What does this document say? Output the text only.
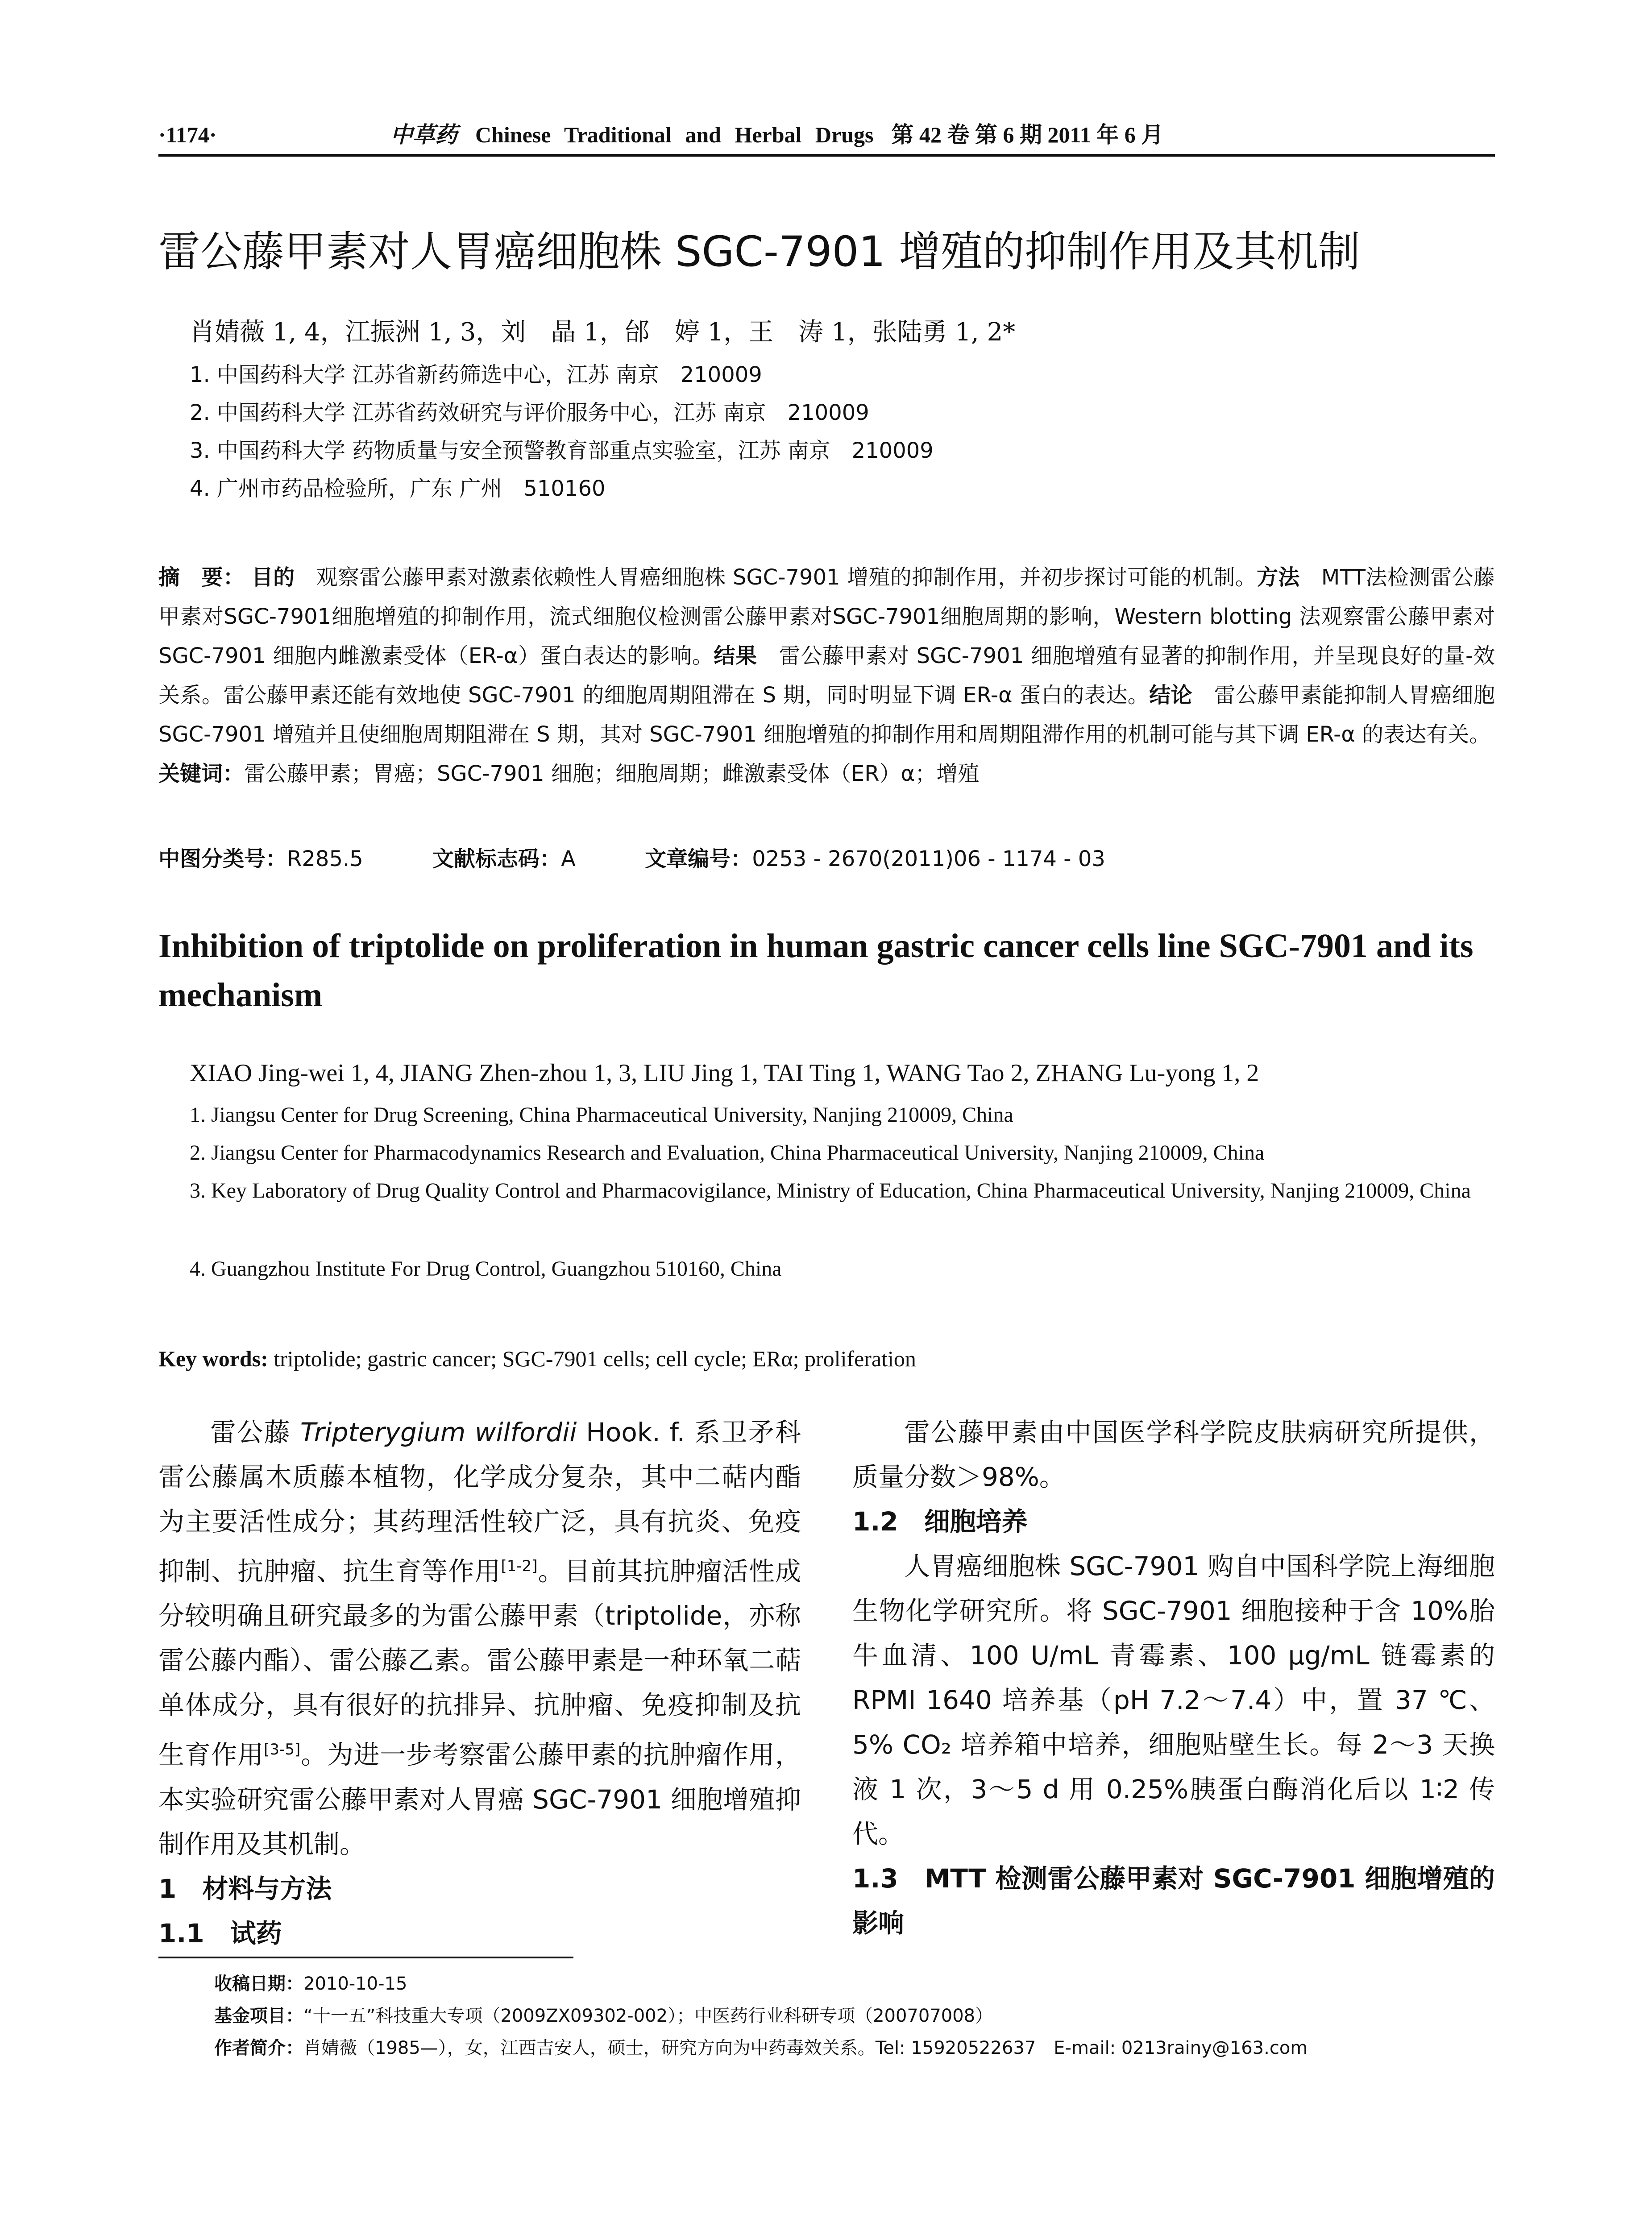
·1174·	中草药 Chinese Traditional and Herbal Drugs 第 42 卷 第 6 期 2011 年 6 月
雷公藤甲素对人胃癌细胞株 SGC-7901 增殖的抑制作用及其机制
肖婧薇 1, 4，江振洲 1, 3，刘　晶 1，邰　婷 1，王　涛 1，张陆勇 1, 2*
1. 中国药科大学 江苏省新药筛选中心，江苏 南京　210009
2. 中国药科大学 江苏省药效研究与评价服务中心，江苏 南京　210009
3. 中国药科大学 药物质量与安全预警教育部重点实验室，江苏 南京　210009
4. 广州市药品检验所，广东 广州　510160
摘　要： 目的　 观察雷公藤甲素对激素依赖性人胃癌细胞株 SGC-7901 增殖的抑制作用，并初步探讨可能的机制。方法　 MTT法检测雷公藤甲素对SGC-7901细胞增殖的抑制作用，流式细胞仪检测雷公藤甲素对SGC-7901细胞周期的影响，Western blotting 法观察雷公藤甲素对 SGC-7901 细胞内雌激素受体（ER-α）蛋白表达的影响。结果　 雷公藤甲素对 SGC-7901 细胞增殖有显著的抑制作用，并呈现良好的量-效关系。雷公藤甲素还能有效地使 SGC-7901 的细胞周期阻滞在 S 期，同时明显下调 ER-α 蛋白的表达。结论　 雷公藤甲素能抑制人胃癌细胞 SGC-7901 增殖并且使细胞周期阻滞在 S 期，其对 SGC-7901 细胞增殖的抑制作用和周期阻滞作用的机制可能与其下调 ER-α 的表达有关。
关键词：雷公藤甲素；胃癌；SGC-7901 细胞；细胞周期；雌激素受体（ER）α；增殖
中图分类号：R285.5	文献标志码：A	文章编号：0253 - 2670(2011)06 - 1174 - 03
Inhibition of triptolide on proliferation in human gastric cancer cells line SGC-7901 and its mechanism
XIAO Jing-wei 1, 4, JIANG Zhen-zhou 1, 3, LIU Jing 1, TAI Ting 1, WANG Tao 2, ZHANG Lu-yong 1, 2
1. Jiangsu Center for Drug Screening, China Pharmaceutical University, Nanjing 210009, China
2. Jiangsu Center for Pharmacodynamics Research and Evaluation, China Pharmaceutical University, Nanjing 210009, China
3. Key Laboratory of Drug Quality Control and Pharmacovigilance, Ministry of Education, China Pharmaceutical University, Nanjing 210009, China
4. Guangzhou Institute For Drug Control, Guangzhou 510160, China
Key words: triptolide; gastric cancer; SGC-7901 cells; cell cycle; ERα; proliferation

雷公藤 Tripterygium wilfordii Hook. f. 系卫矛科雷公藤属木质藤本植物，化学成分复杂，其中二萜内酯为主要活性成分；其药理活性较广泛，具有抗炎、免疫抑制、抗肿瘤、抗生育等作用[1-2]。目前其抗肿瘤活性成分较明确且研究最多的为雷公藤甲素（triptolide，亦称雷公藤内酯）、雷公藤乙素。雷公藤甲素是一种环氧二萜单体成分，具有很好的抗排异、抗肿瘤、免疫抑制及抗生育作用[3-5]。为进一步考察雷公藤甲素的抗肿瘤作用，本实验研究雷公藤甲素对人胃癌 SGC-7901 细胞增殖抑制作用及其机制。

1　材料与方法

1.1　试药

雷公藤甲素由中国医学科学院皮肤病研究所提供，质量分数＞98%。

1.2　细胞培养

人胃癌细胞株 SGC-7901 购自中国科学院上海细胞生物化学研究所。将 SGC-7901 细胞接种于含 10%胎牛血清、100 U/mL 青霉素、100 μg/mL 链霉素的 RPMI 1640 培养基（pH 7.2～7.4）中，置 37 ℃、5% CO₂ 培养箱中培养，细胞贴壁生长。每 2～3 天换液 1 次，3～5 d 用 0.25%胰蛋白酶消化后以 1∶2 传代。

1.3　MTT 检测雷公藤甲素对 SGC-7901 细胞增殖的影响

收稿日期：2010-10-15
基金项目：“十一五”科技重大专项（2009ZX09302-002）；中医药行业科研专项（200707008）
作者简介：肖婧薇（1985—），女，江西吉安人，硕士，研究方向为中药毒效关系。Tel: 15920522637　E-mail: 0213rainy@163.com
